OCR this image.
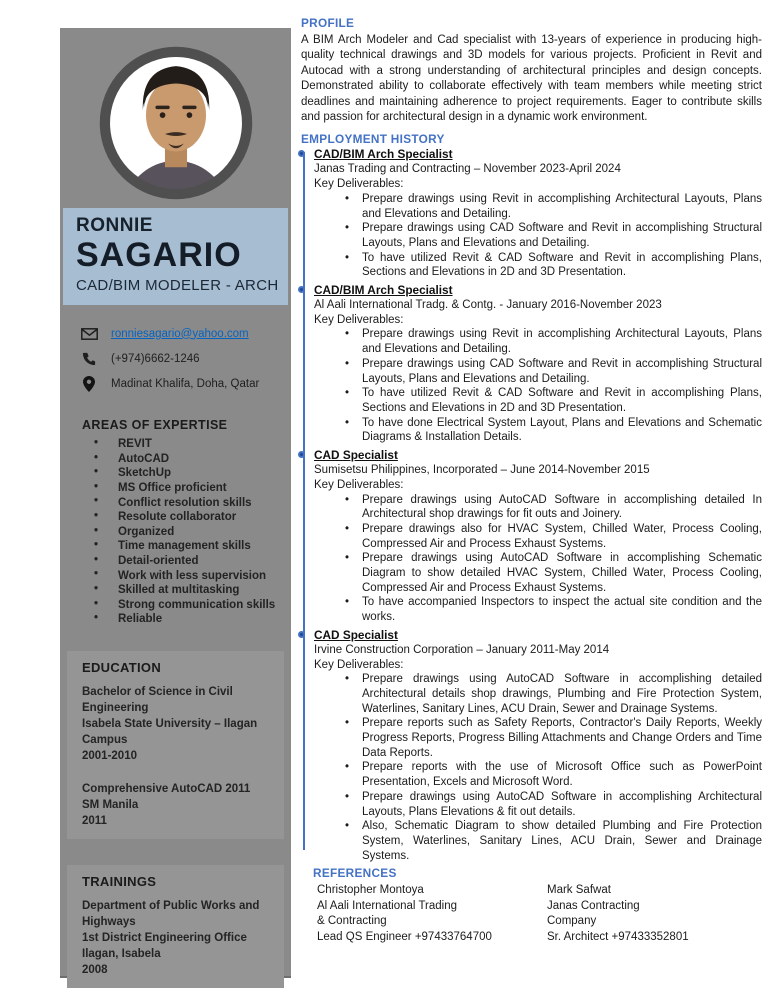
RONNIE
SAGARIO
CAD/BIM MODELER - ARCH
ronniesagario@yahoo.com
(+974)6662-1246
Madinat Khalifa, Doha, Qatar
AREAS OF EXPERTISE
• REVIT
• AutoCAD
• SketchUp
• MS Office proficient
• Conflict resolution skills
• Resolute collaborator
• Organized
• Time management skills
• Detail-oriented
• Work with less supervision
• Skilled at multitasking
• Strong communication skills
• Reliable
EDUCATION

Bachelor of Science in Civil Engineering

Isabela State University – Ilagan Campus

2001-2010

Comprehensive AutoCAD 2011

SM Manila

2011

TRAININGS

Department of Public Works and Highways

1st District Engineering Office

Ilagan, Isabela

2008

PROFILE

A BIM Arch Modeler and Cad specialist with 13-years of experience in producing high-quality technical drawings and 3D models for various projects. Proficient in Revit and Autocad with a strong understanding of architectural principles and design concepts. Demonstrated ability to collaborate effectively with team members while meeting strict deadlines and maintaining adherence to project requirements. Eager to contribute skills and passion for architectural design in a dynamic work environment.

EMPLOYMENT HISTORY
CAD/BIM Arch Specialist

Janas Trading and Contracting – November 2023-April 2024

Key Deliverables:

• Prepare drawings using Revit in accomplishing Architectural Layouts, Plans and Elevations and Detailing.
• Prepare drawings using CAD Software and Revit in accomplishing Structural Layouts, Plans and Elevations and Detailing.
• To have utilized Revit & CAD Software and Revit in accomplishing Plans, Sections and Elevations in 2D and 3D Presentation.
CAD/BIM Arch Specialist

Al Aali International Tradg. & Contg. - January 2016-November 2023

Key Deliverables:

• Prepare drawings using Revit in accomplishing Architectural Layouts, Plans and Elevations and Detailing.
• Prepare drawings using CAD Software and Revit in accomplishing Structural Layouts, Plans and Elevations and Detailing.
• To have utilized Revit & CAD Software and Revit in accomplishing Plans, Sections and Elevations in 2D and 3D Presentation.
• To have done Electrical System Layout, Plans and Elevations and Schematic Diagrams & Installation Details.
CAD Specialist

Sumisetsu Philippines, Incorporated – June 2014-November 2015

Key Deliverables:

• Prepare drawings using AutoCAD Software in accomplishing detailed In Architectural shop drawings for fit outs and Joinery.
• Prepare drawings also for HVAC System, Chilled Water, Process Cooling, Compressed Air and Process Exhaust Systems.
• Prepare drawings using AutoCAD Software in accomplishing Schematic Diagram to show detailed HVAC System, Chilled Water, Process Cooling, Compressed Air and Process Exhaust Systems.
• To have accompanied Inspectors to inspect the actual site condition and the works.
CAD Specialist

Irvine Construction Corporation – January 2011-May 2014

Key Deliverables:

• Prepare drawings using AutoCAD Software in accomplishing detailed Architectural details shop drawings, Plumbing and Fire Protection System, Waterlines, Sanitary Lines, ACU Drain, Sewer and Drainage Systems.
• Prepare reports such as Safety Reports, Contractor's Daily Reports, Weekly Progress Reports, Progress Billing Attachments and Change Orders and Time Data Reports.
• Prepare reports with the use of Microsoft Office such as PowerPoint Presentation, Excels and Microsoft Word.
• Prepare drawings using AutoCAD Software in accomplishing Architectural Layouts, Plans Elevations & fit out details.
• Also, Schematic Diagram to show detailed Plumbing and Fire Protection System, Waterlines, Sanitary Lines, ACU Drain, Sewer and Drainage Systems.
REFERENCES
Christopher Montoya
Al Aali International Trading
& Contracting
Lead QS Engineer +97433764700
Mark Safwat
Janas Contracting
Company
Sr. Architect +97433352801
